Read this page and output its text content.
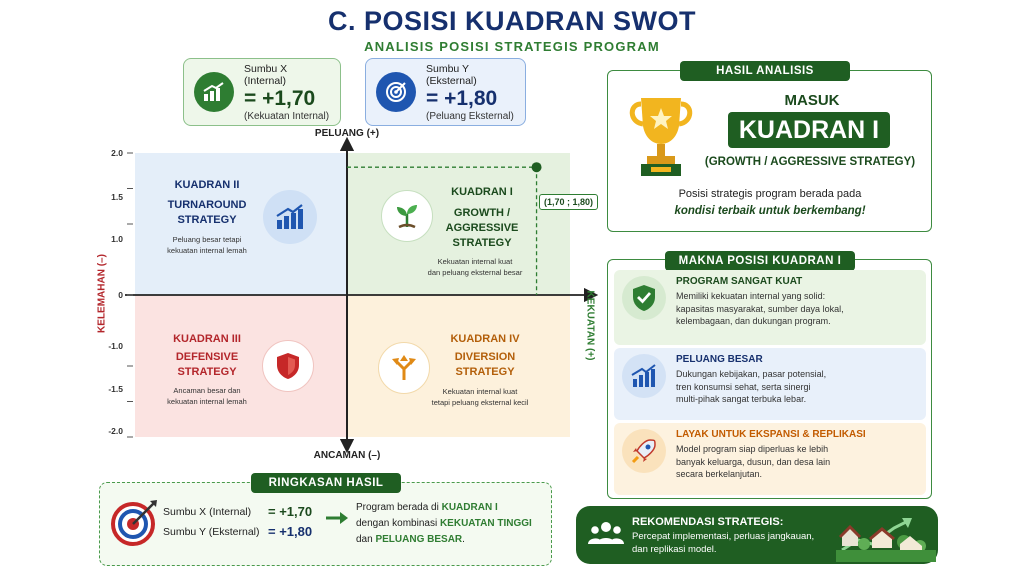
C. POSISI KUADRAN SWOT
ANALISIS POSISI STRATEGIS PROGRAM
Sumbu X (Internal)
= +1,70
(Kekuatan Internal)
Sumbu Y (Eksternal)
= +1,80
(Peluang Eksternal)
PELUANG (+)
ANCAMAN (–)
KELEMAHAN (–)	KEKUATAN (+)
2.0
1.5
1.0
0
-1.0
-1.5
-2.0
KUADRAN II
TURNAROUND
STRATEGY
Peluang besar tetapi
kekuatan internal lemah
KUADRAN I
GROWTH /
AGGRESSIVE
STRATEGY
Kekuatan internal kuat
dan peluang eksternal besar
(1,70 ; 1,80)
KUADRAN III
DEFENSIVE
STRATEGY
Ancaman besar dan
kekuatan internal lemah
KUADRAN IV
DIVERSION
STRATEGY
Kekuatan internal kuat
tetapi peluang eksternal kecil
RINGKASAN HASIL
Sumbu X (Internal) = +1,70
Sumbu Y (Eksternal) = +1,80
Program berada di KUADRAN I
dengan kombinasi KEKUATAN TINGGI
dan PELUANG BESAR.
HASIL ANALISIS
MASUK
KUADRAN I
(GROWTH / AGGRESSIVE STRATEGY)
Posisi strategis program berada pada
kondisi terbaik untuk berkembang!
MAKNA POSISI KUADRAN I
PROGRAM SANGAT KUAT
Memiliki kekuatan internal yang solid:
kapasitas masyarakat, sumber daya lokal,
kelembagaan, dan dukungan program.
PELUANG BESAR
Dukungan kebijakan, pasar potensial,
tren konsumsi sehat, serta sinergi
multi-pihak sangat terbuka lebar.
LAYAK UNTUK EKSPANSI & REPLIKASI
Model program siap diperluas ke lebih
banyak keluarga, dusun, dan desa lain
secara berkelanjutan.
REKOMENDASI STRATEGIS:
Percepat implementasi, perluas jangkauan,
dan replikasi model.
